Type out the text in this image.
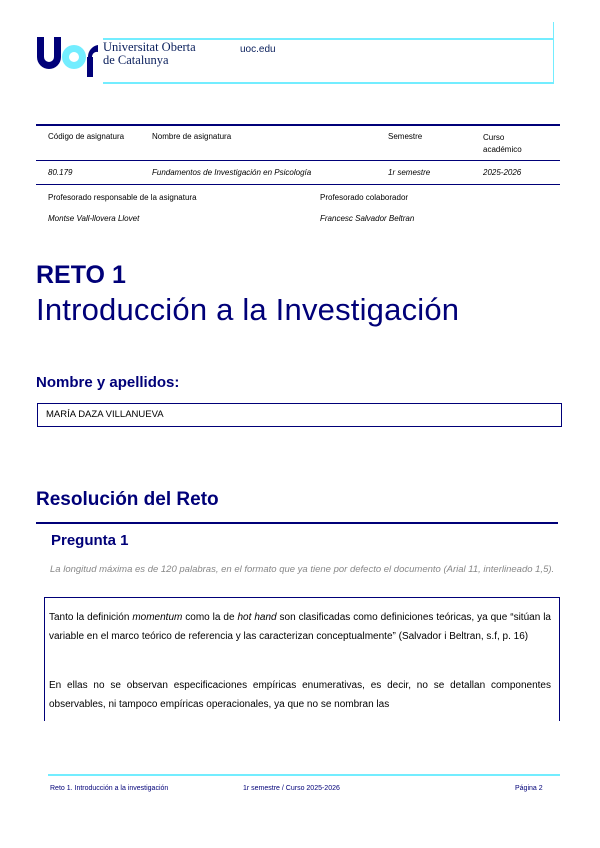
Universitat Oberta
de Catalunya
uoc.edu
Código de asignatura	Nombre de asignatura	Semestre	Curso
académico
80.179	Fundamentos de Investigación en Psicología	1r semestre	2025-2026
Profesorado responsable de la asignatura	Profesorado colaborador
Montse Vall-llovera Llovet	Francesc Salvador Beltran
RETO 1
Introducción a la Investigación
Nombre y apellidos:
MARÍA DAZA VILLANUEVA
Resolución del Reto
Pregunta 1
La longitud máxima es de 120 palabras, en el formato que ya tiene por defecto el documento (Arial 11, interlineado 1,5).
Tanto la definición momentum como la de hot hand son clasificadas como definiciones teóricas, ya que “sitúan la variable en el marco teórico de referencia y las caracterizan conceptualmente” (Salvador i Beltran, s.f, p. 16)
En ellas no se observan especificaciones empíricas enumerativas, es decir, no se detallan componentes observables, ni tampoco empíricas operacionales, ya que no se nombran las
Reto 1. Introducción a la investigación	1r semestre / Curso 2025-2026	Página 2
